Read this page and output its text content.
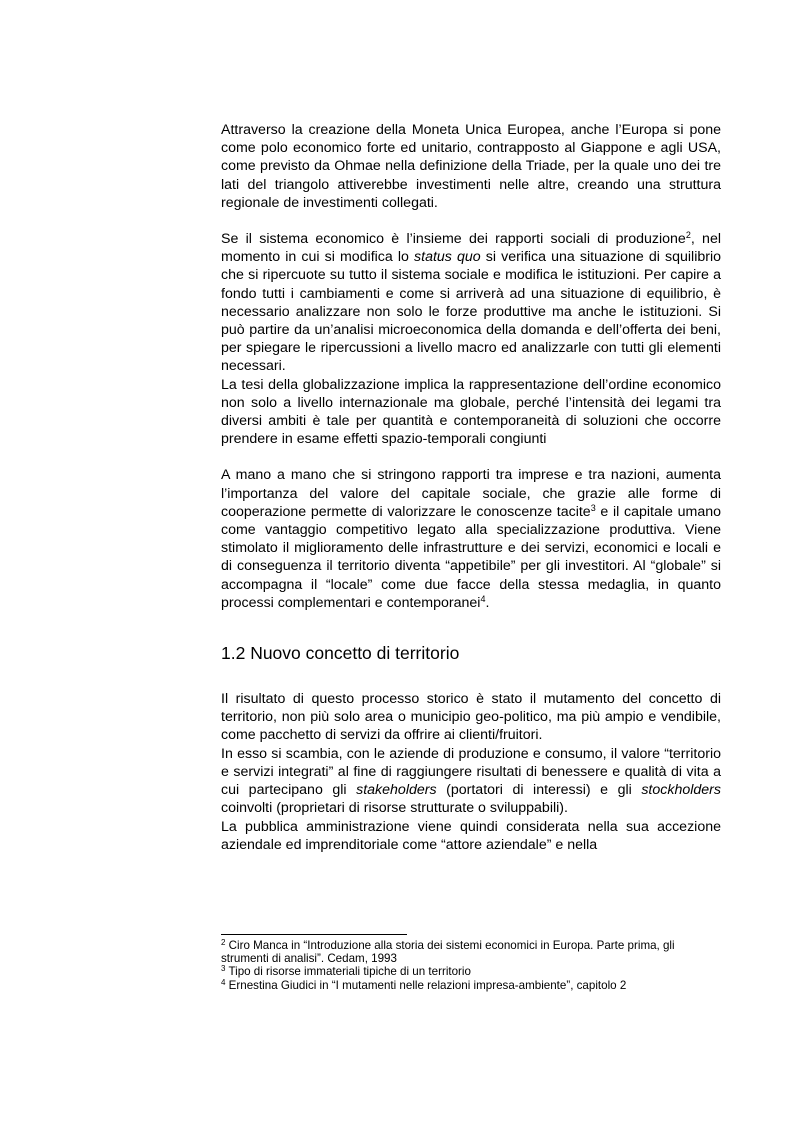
Attraverso la creazione della Moneta Unica Europea, anche l’Europa si pone come polo economico forte ed unitario, contrapposto al Giappone e agli USA, come previsto da Ohmae nella definizione della Triade, per la quale uno dei tre lati del triangolo attiverebbe investimenti nelle altre, creando una struttura regionale de investimenti collegati.

Se il sistema economico è l’insieme dei rapporti sociali di produzione$^2$, nel momento in cui si modifica lo status quo si verifica una situazione di squilibrio che si ripercuote su tutto il sistema sociale e modifica le istituzioni. Per capire a fondo tutti i cambiamenti e come si arriverà ad una situazione di equilibrio, è necessario analizzare non solo le forze produttive ma anche le istituzioni. Si può partire da un’analisi microeconomica della domanda e dell’offerta dei beni, per spiegare le ripercussioni a livello macro ed analizzarle con tutti gli elementi necessari.

La tesi della globalizzazione implica la rappresentazione dell’ordine economico non solo a livello internazionale ma globale, perché l’intensità dei legami tra diversi ambiti è tale per quantità e contemporaneità di soluzioni che occorre prendere in esame effetti spazio-temporali congiunti

A mano a mano che si stringono rapporti tra imprese e tra nazioni, aumenta l’importanza del valore del capitale sociale, che grazie alle forme di cooperazione permette di valorizzare le conoscenze tacite$^3$ e il capitale umano come vantaggio competitivo legato alla specializzazione produttiva. Viene stimolato il miglioramento delle infrastrutture e dei servizi, economici e locali e di conseguenza il territorio diventa “appetibile” per gli investitori. Al “globale” si accompagna il “locale” come due facce della stessa medaglia, in quanto processi complementari e contemporanei$^4$.

1.2 Nuovo concetto di territorio

Il risultato di questo processo storico è stato il mutamento del concetto di territorio, non più solo area o municipio geo-politico, ma più ampio e vendibile, come pacchetto di servizi da offrire ai clienti/fruitori.

In esso si scambia, con le aziende di produzione e consumo, il valore “territorio e servizi integrati” al fine di raggiungere risultati di benessere e qualità di vita a cui partecipano gli stakeholders (portatori di interessi) e gli stockholders coinvolti (proprietari di risorse strutturate o sviluppabili).

La pubblica amministrazione viene quindi considerata nella sua accezione aziendale ed imprenditoriale come “attore aziendale” e nella

$^2$ Ciro Manca in “Introduzione alla storia dei sistemi economici in Europa. Parte prima, gli strumenti di analisi”. Cedam, 1993

$^3$ Tipo di risorse immateriali tipiche di un territorio

$^4$ Ernestina Giudici in “I mutamenti nelle relazioni impresa-ambiente”, capitolo 2
